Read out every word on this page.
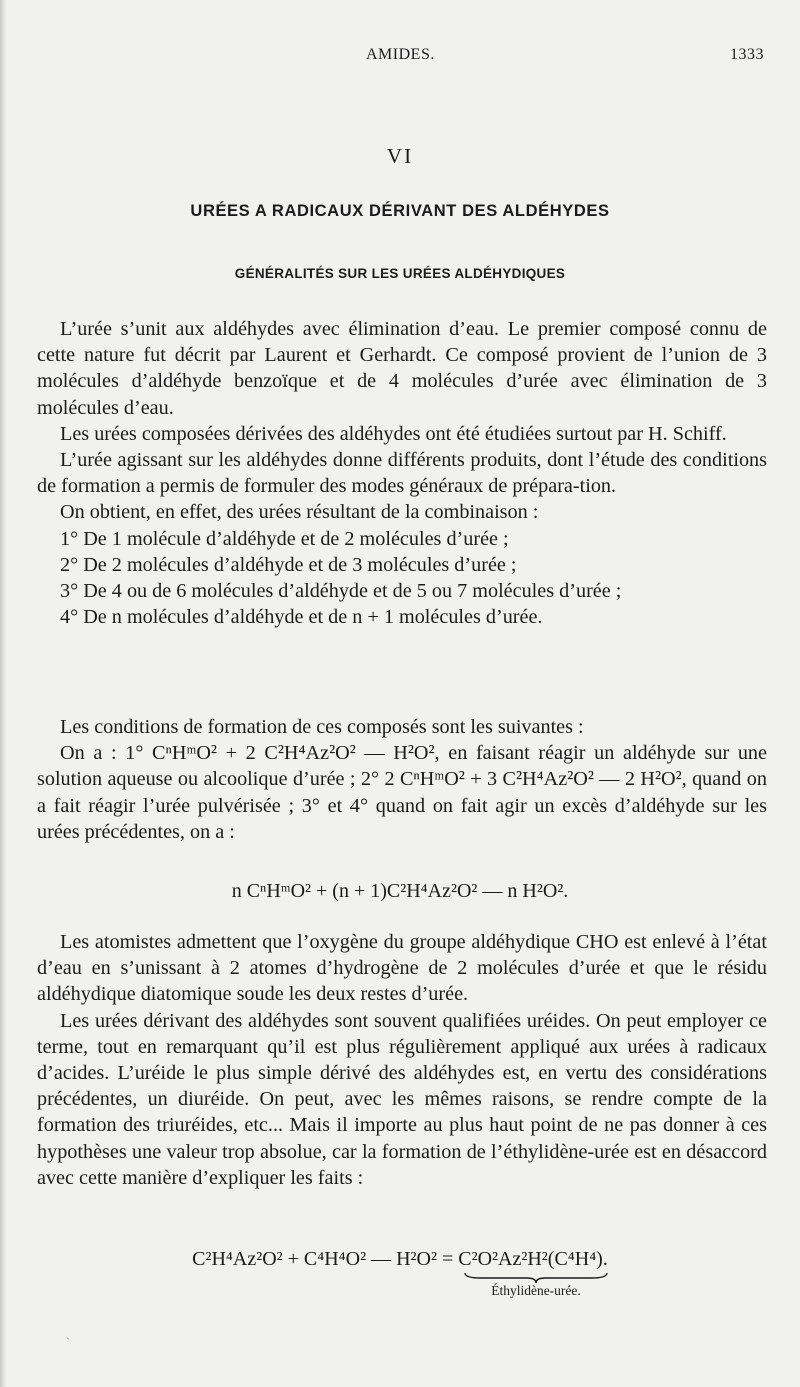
AMIDES.	1333
VI
URÉES A RADICAUX DÉRIVANT DES ALDÉHYDES
GÉNÉRALITÉS SUR LES URÉES ALDÉHYDIQUES

L’urée s’unit aux aldéhydes avec élimination d’eau. Le premier composé connu de cette nature fut décrit par Laurent et Gerhardt. Ce composé provient de l’union de 3 molécules d’aldéhyde benzoïque et de 4 molécules d’urée avec élimination de 3 molécules d’eau.

Les urées composées dérivées des aldéhydes ont été étudiées surtout par H. Schiff.

L’urée agissant sur les aldéhydes donne différents produits, dont l’étude des conditions de formation a permis de formuler des modes généraux de prépara-tion.

On obtient, en effet, des urées résultant de la combinaison :

1° De 1 molécule d’aldéhyde et de 2 molécules d’urée ;

2° De 2 molécules d’aldéhyde et de 3 molécules d’urée ;

3° De 4 ou de 6 molécules d’aldéhyde et de 5 ou 7 molécules d’urée ;

4° De n molécules d’aldéhyde et de n + 1 molécules d’urée.

Les conditions de formation de ces composés sont les suivantes :

On a : 1° CⁿHᵐO² + 2 C²H⁴Az²O² — H²O², en faisant réagir un aldéhyde sur une solution aqueuse ou alcoolique d’urée ; 2° 2 CⁿHᵐO² + 3 C²H⁴Az²O² — 2 H²O², quand on a fait réagir l’urée pulvérisée ; 3° et 4° quand on fait agir un excès d’aldéhyde sur les urées précédentes, on a :

n CⁿHᵐO² + (n + 1)C²H⁴Az²O² — n H²O².

Les atomistes admettent que l’oxygène du groupe aldéhydique CHO est enlevé à l’état d’eau en s’unissant à 2 atomes d’hydrogène de 2 molécules d’urée et que le résidu aldéhydique diatomique soude les deux restes d’urée.

Les urées dérivant des aldéhydes sont souvent qualifiées uréides. On peut employer ce terme, tout en remarquant qu’il est plus régulièrement appliqué aux urées à radicaux d’acides. L’uréide le plus simple dérivé des aldéhydes est, en vertu des considérations précédentes, un diuréide. On peut, avec les mêmes raisons, se rendre compte de la formation des triuréides, etc... Mais il importe au plus haut point de ne pas donner à ces hypothèses une valeur trop absolue, car la formation de l’éthylidène-urée est en désaccord avec cette manière d’expliquer les faits :

C²H⁴Az²O² + C⁴H⁴O² — H²O² = C²O²Az²H²(C⁴H⁴).
Éthylidène-urée.
ˎ
